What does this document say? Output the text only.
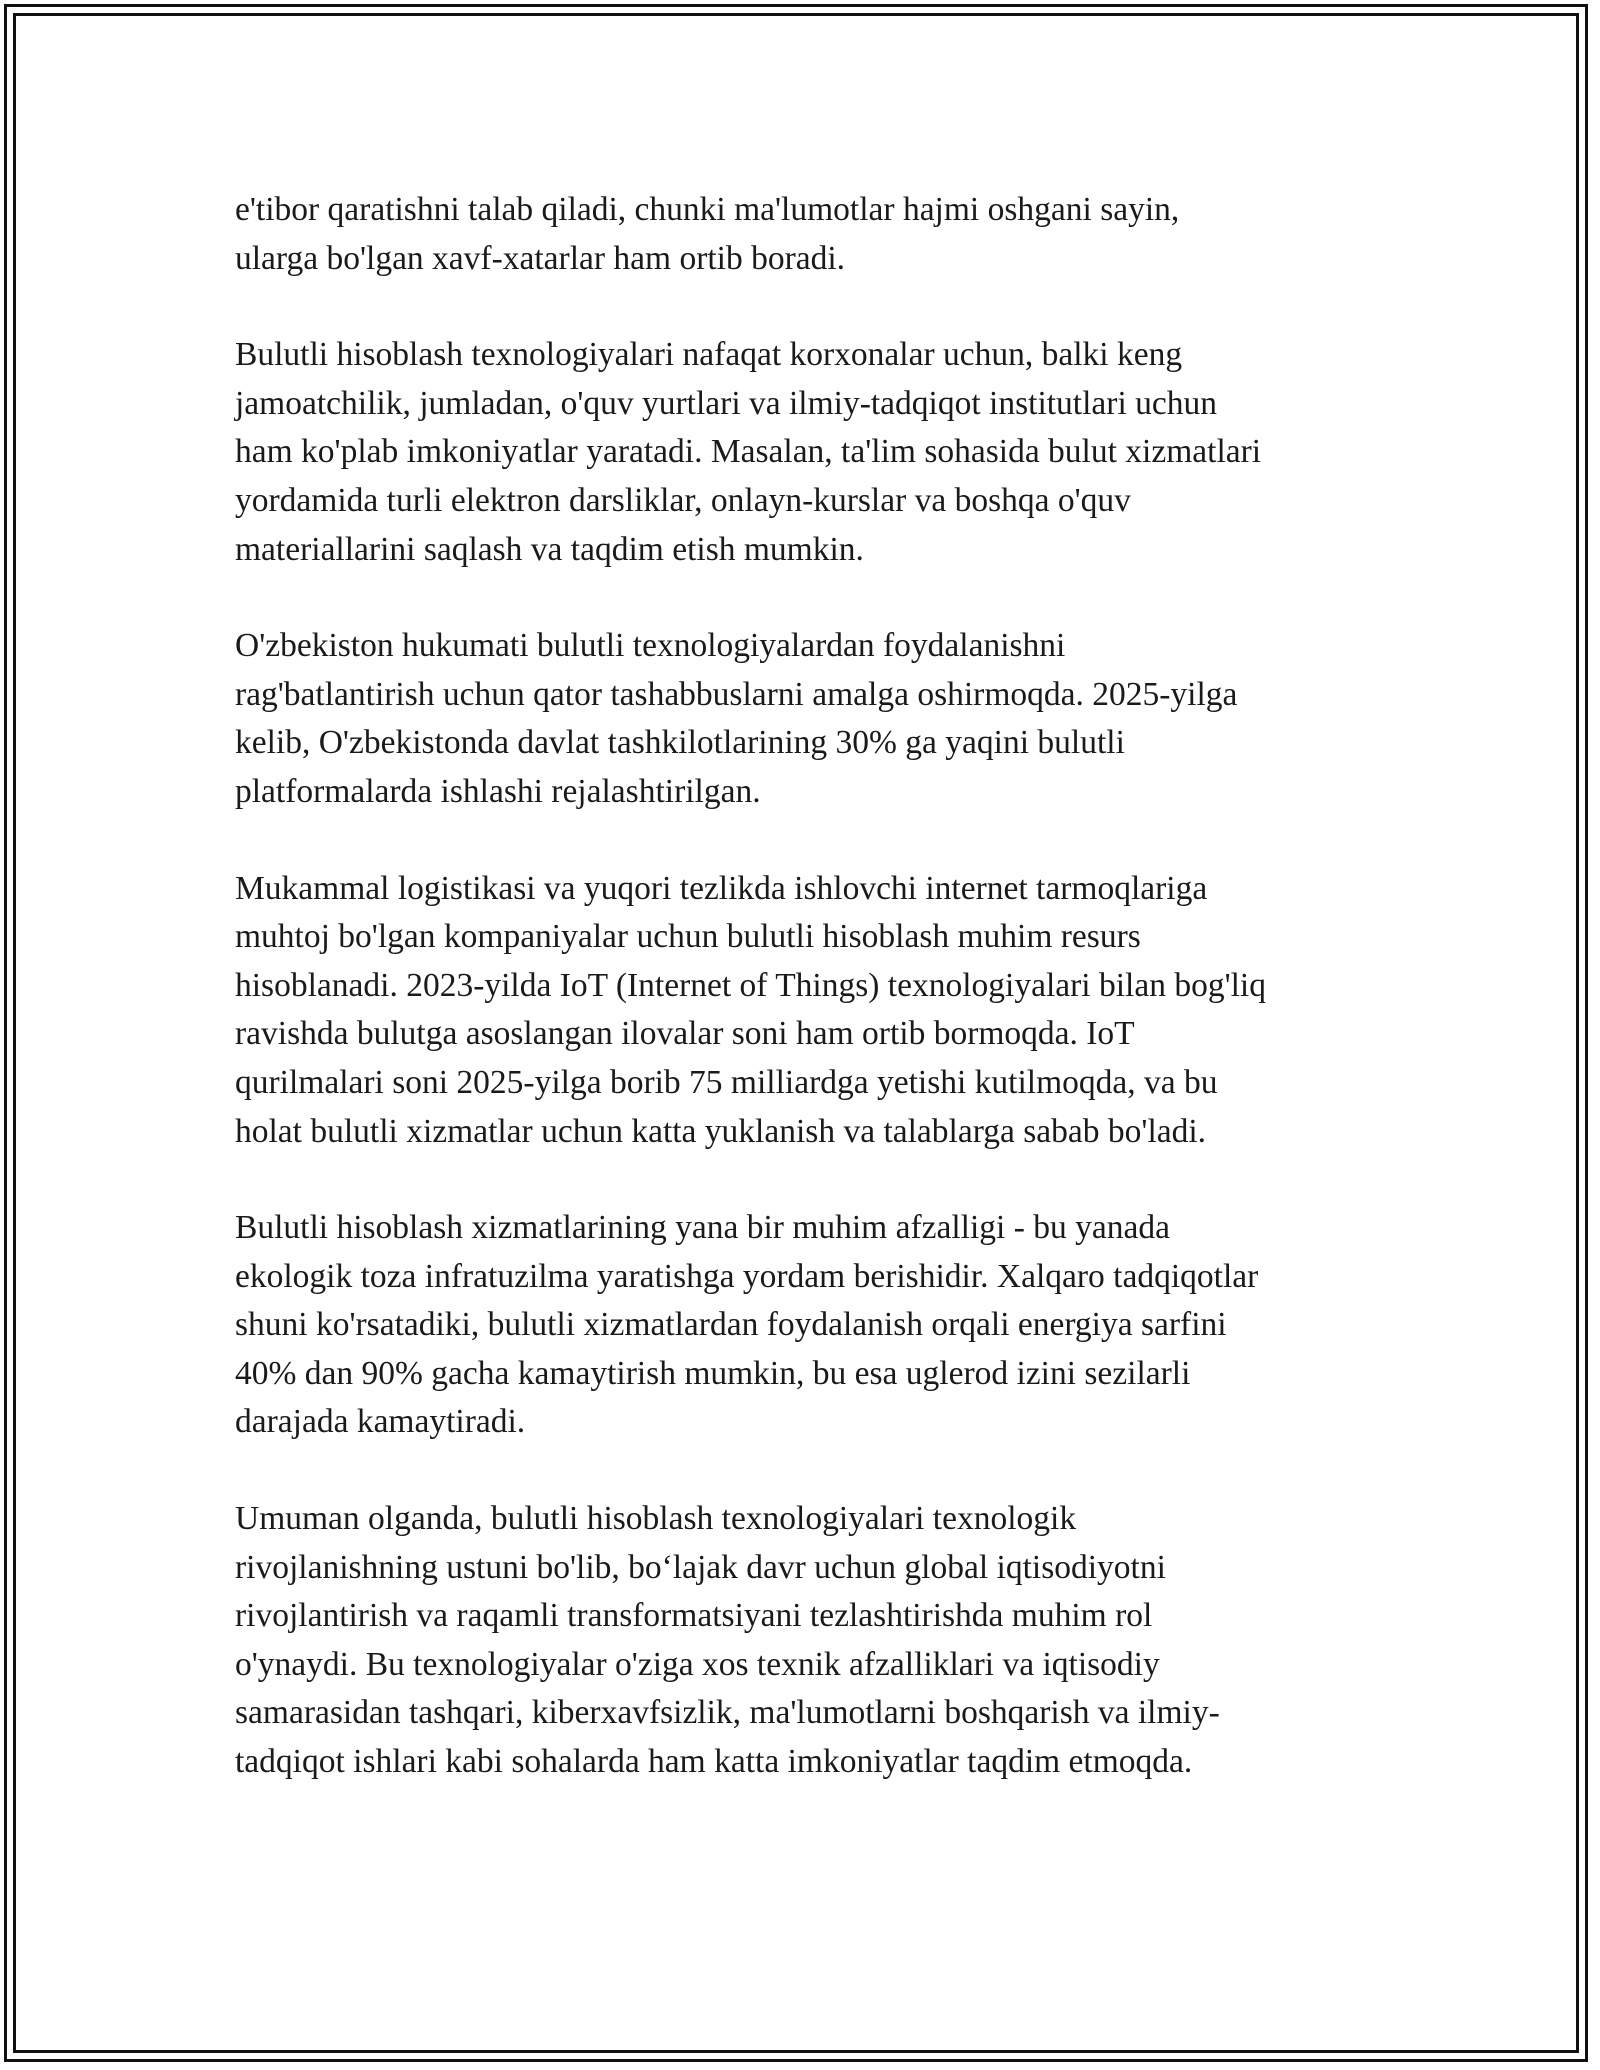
e'tibor qaratishni talab qiladi, chunki ma'lumotlar hajmi oshgani sayin,
ularga bo'lgan xavf-xatarlar ham ortib boradi.

Bulutli hisoblash texnologiyalari nafaqat korxonalar uchun, balki keng
jamoatchilik, jumladan, o'quv yurtlari va ilmiy-tadqiqot institutlari uchun
ham ko'plab imkoniyatlar yaratadi. Masalan, ta'lim sohasida bulut xizmatlari
yordamida turli elektron darsliklar, onlayn-kurslar va boshqa o'quv
materiallarini saqlash va taqdim etish mumkin.

O'zbekiston hukumati bulutli texnologiyalardan foydalanishni
rag'batlantirish uchun qator tashabbuslarni amalga oshirmoqda. 2025-yilga
kelib, O'zbekistonda davlat tashkilotlarining 30% ga yaqini bulutli
platformalarda ishlashi rejalashtirilgan.

Mukammal logistikasi va yuqori tezlikda ishlovchi internet tarmoqlariga
muhtoj bo'lgan kompaniyalar uchun bulutli hisoblash muhim resurs
hisoblanadi. 2023-yilda IoT (Internet of Things) texnologiyalari bilan bog'liq
ravishda bulutga asoslangan ilovalar soni ham ortib bormoqda. IoT
qurilmalari soni 2025-yilga borib 75 milliardga yetishi kutilmoqda, va bu
holat bulutli xizmatlar uchun katta yuklanish va talablarga sabab bo'ladi.

Bulutli hisoblash xizmatlarining yana bir muhim afzalligi - bu yanada
ekologik toza infratuzilma yaratishga yordam berishidir. Xalqaro tadqiqotlar
shuni ko'rsatadiki, bulutli xizmatlardan foydalanish orqali energiya sarfini
40% dan 90% gacha kamaytirish mumkin, bu esa uglerod izini sezilarli
darajada kamaytiradi.

Umuman olganda, bulutli hisoblash texnologiyalari texnologik
rivojlanishning ustuni bo'lib, bo‘lajak davr uchun global iqtisodiyotni
rivojlantirish va raqamli transformatsiyani tezlashtirishda muhim rol
o'ynaydi. Bu texnologiyalar o'ziga xos texnik afzalliklari va iqtisodiy
samarasidan tashqari, kiberxavfsizlik, ma'lumotlarni boshqarish va ilmiy-
tadqiqot ishlari kabi sohalarda ham katta imkoniyatlar taqdim etmoqda.
